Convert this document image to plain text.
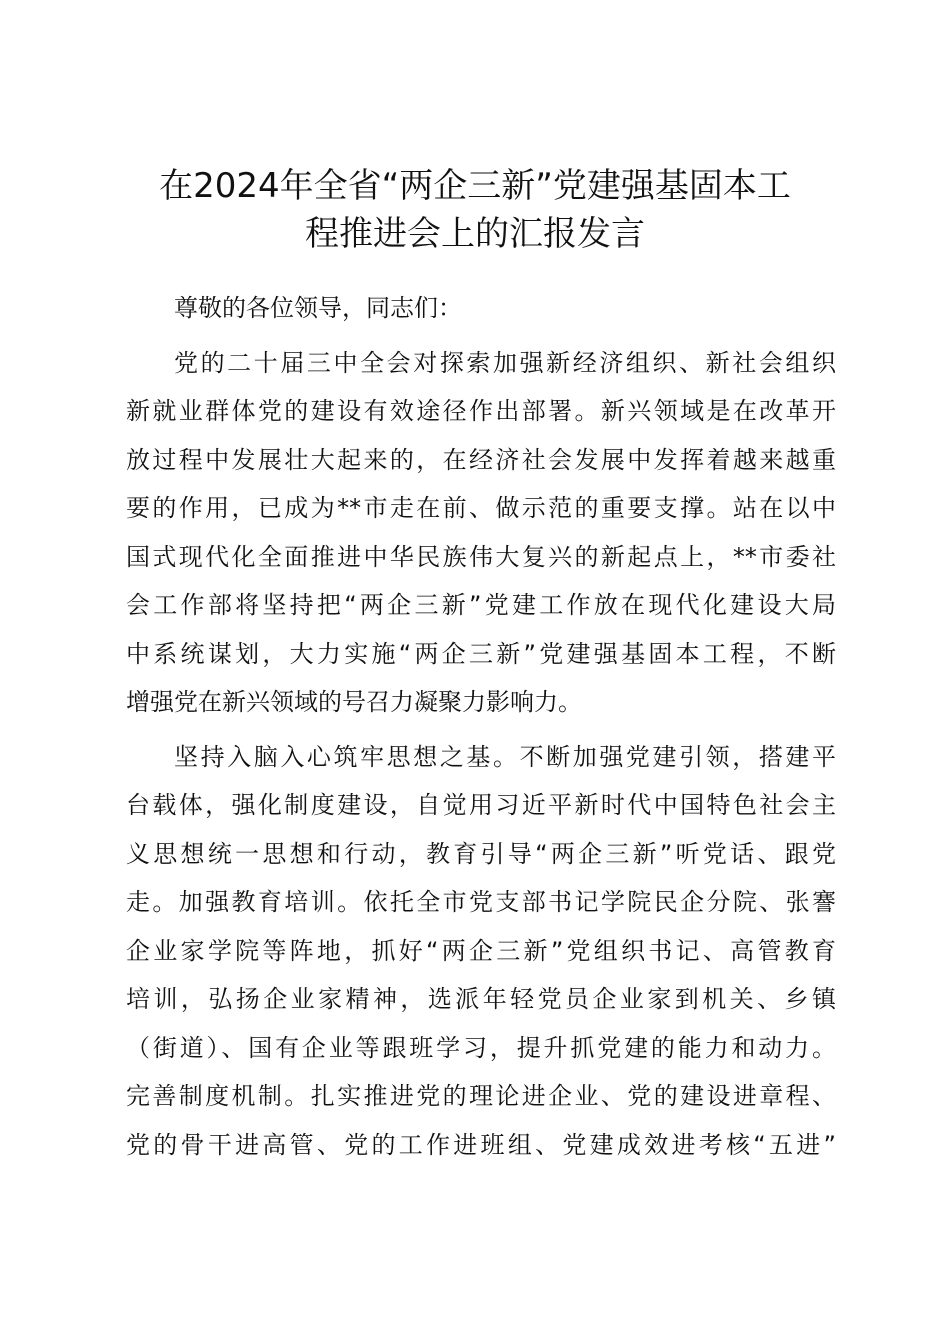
在2024年全省“两企三新”党建强基固本工
程推进会上的汇报发言
尊敬的各位领导，同志们：
党的二十届三中全会对探索加强新经济组织、新社会组织
新就业群体党的建设有效途径作出部署。新兴领域是在改革开
放过程中发展壮大起来的，在经济社会发展中发挥着越来越重
要的作用，已成为**市走在前、做示范的重要支撑。站在以中
国式现代化全面推进中华民族伟大复兴的新起点上，**市委社
会工作部将坚持把“两企三新”党建工作放在现代化建设大局
中系统谋划，大力实施“两企三新”党建强基固本工程，不断
增强党在新兴领域的号召力凝聚力影响力。
坚持入脑入心筑牢思想之基。不断加强党建引领，搭建平
台载体，强化制度建设，自觉用习近平新时代中国特色社会主
义思想统一思想和行动，教育引导“两企三新”听党话、跟党
走。加强教育培训。依托全市党支部书记学院民企分院、张謇
企业家学院等阵地，抓好“两企三新”党组织书记、高管教育
培训，弘扬企业家精神，选派年轻党员企业家到机关、乡镇
（街道）、国有企业等跟班学习，提升抓党建的能力和动力。
完善制度机制。扎实推进党的理论进企业、党的建设进章程、
党的骨干进高管、党的工作进班组、党建成效进考核“五进”
